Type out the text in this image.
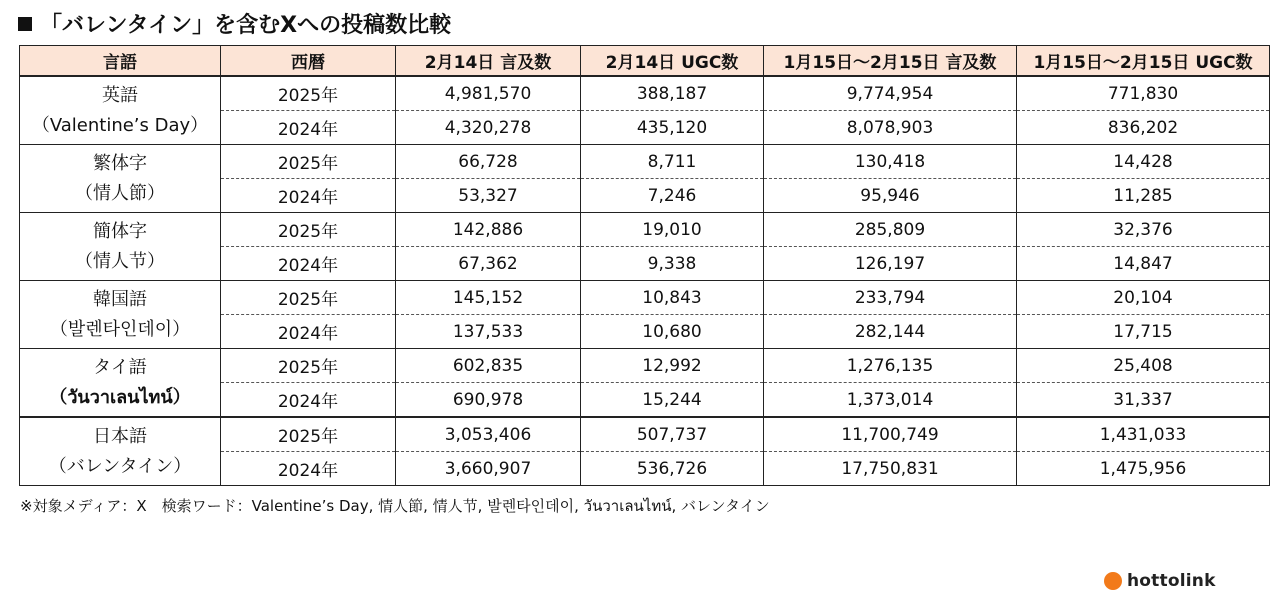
「バレンタイン」を含むXへの投稿数比較
言語	西暦	2月14日 言及数	2月14日 UGC数	1月15日～2月15日 言及数	1月15日～2月15日 UGC数

英語
（Valentine’s Day）	2025年	4,981,570	388,187	9,774,954	771,830
	2024年	4,320,278	435,120	8,078,903	836,202

繁体字
（情人節）	2025年	66,728	8,711	130,418	14,428
	2024年	53,327	7,246	95,946	11,285

簡体字
（情人节）	2025年	142,886	19,010	285,809	32,376
	2024年	67,362	9,338	126,197	14,847

韓国語
（발렌타인데이）	2025年	145,152	10,843	233,794	20,104
	2024年	137,533	10,680	282,144	17,715

タイ語
（วันวาเลนไทน์）	2025年	602,835	12,992	1,276,135	25,408
	2024年	690,978	15,244	1,373,014	31,337

日本語
（バレンタイン）	2025年	3,053,406	507,737	11,700,749	1,431,033
	2024年	3,660,907	536,726	17,750,831	1,475,956
※対象メディア：X　検索ワード：Valentine’s Day, 情人節, 情人节, 발렌타인데이, วันวาเลนไทน์, バレンタイン
hottolink
